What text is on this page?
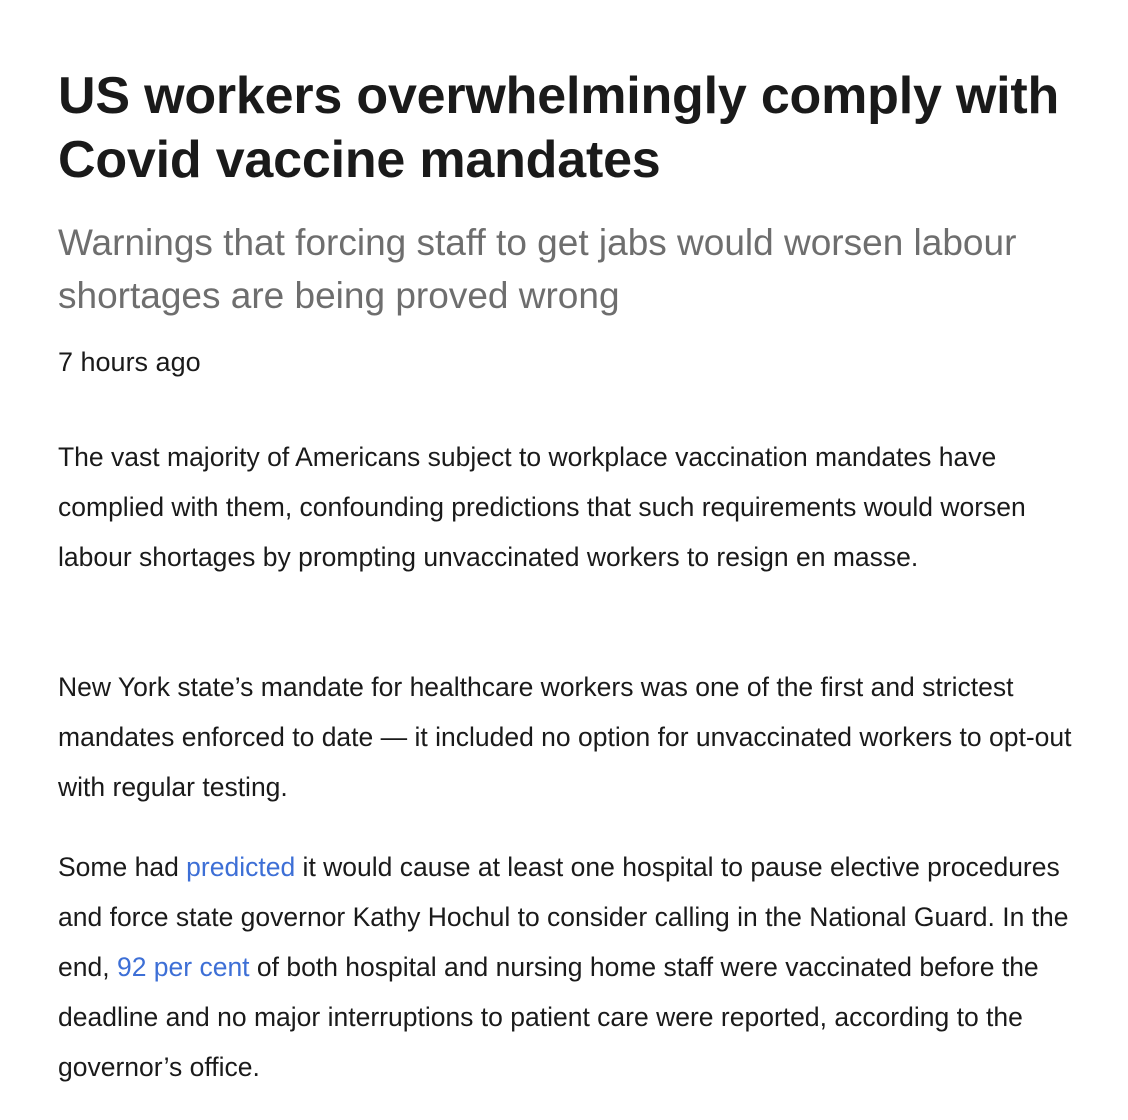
US workers overwhelmingly comply with Covid vaccine mandates
Warnings that forcing staff to get jabs would worsen labour shortages are being proved wrong
7 hours ago

The vast majority of Americans subject to workplace vaccination mandates have complied with them, confounding predictions that such requirements would worsen labour shortages by prompting unvaccinated workers to resign en masse.

New York state’s mandate for healthcare workers was one of the first and strictest mandates enforced to date — it included no option for unvaccinated workers to opt-out with regular testing.

Some had predicted it would cause at least one hospital to pause elective procedures and force state governor Kathy Hochul to consider calling in the National Guard. In the end, 92 per cent of both hospital and nursing home staff were vaccinated before the deadline and no major interruptions to patient care were reported, according to the governor’s office.
